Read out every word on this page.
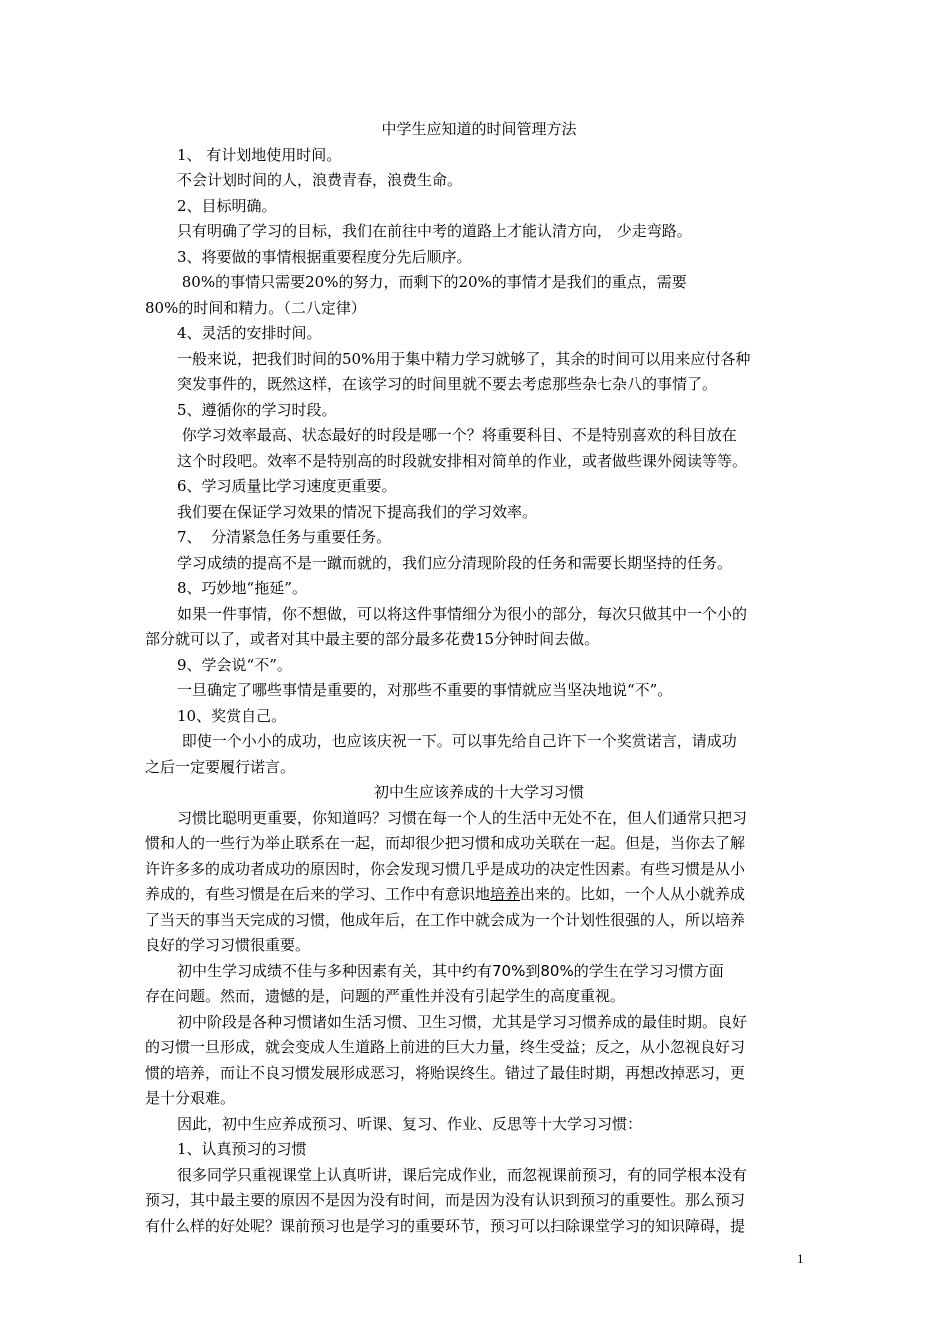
中学生应知道的时间管理方法
1、 有计划地使用时间。
不会计划时间的人，浪费青春，浪费生命。
2、目标明确。
只有明确了学习的目标，我们在前往中考的道路上才能认清方向， 少走弯路。
3、将要做的事情根据重要程度分先后顺序。
80%的事情只需要20%的努力，而剩下的20%的事情才是我们的重点，需要
80%的时间和精力。（二八定律）
4、灵活的安排时间。
一般来说，把我们时间的50%用于集中精力学习就够了，其余的时间可以用来应付各种
突发事件的，既然这样，在该学习的时间里就不要去考虑那些杂七杂八的事情了。
5、遵循你的学习时段。
你学习效率最高、状态最好的时段是哪一个？将重要科目、不是特别喜欢的科目放在
这个时段吧。效率不是特别高的时段就安排相对简单的作业，或者做些课外阅读等等。
6、学习质量比学习速度更重要。
我们要在保证学习效果的情况下提高我们的学习效率。
7、  分清紧急任务与重要任务。
学习成绩的提高不是一蹴而就的，我们应分清现阶段的任务和需要长期坚持的任务。
8、巧妙地“拖延”。
如果一件事情，你不想做，可以将这件事情细分为很小的部分，每次只做其中一个小的
部分就可以了，或者对其中最主要的部分最多花费15分钟时间去做。
9、学会说“不”。
一旦确定了哪些事情是重要的，对那些不重要的事情就应当坚决地说“不”。
10、奖赏自己。
即使一个小小的成功，也应该庆祝一下。可以事先给自己许下一个奖赏诺言，请成功
之后一定要履行诺言。
初中生应该养成的十大学习习惯
习惯比聪明更重要，你知道吗？习惯在每一个人的生活中无处不在，但人们通常只把习
惯和人的一些行为举止联系在一起，而却很少把习惯和成功关联在一起。但是，当你去了解
许许多多的成功者成功的原因时，你会发现习惯几乎是成功的决定性因素。有些习惯是从小
养成的，有些习惯是在后来的学习、工作中有意识地培养出来的。比如，一个人从小就养成
了当天的事当天完成的习惯，他成年后，在工作中就会成为一个计划性很强的人，所以培养
良好的学习习惯很重要。
初中生学习成绩不佳与多种因素有关，其中约有70%到80%的学生在学习习惯方面
存在问题。然而，遗憾的是，问题的严重性并没有引起学生的高度重视。
初中阶段是各种习惯诸如生活习惯、卫生习惯，尤其是学习习惯养成的最佳时期。良好
的习惯一旦形成，就会变成人生道路上前进的巨大力量，终生受益；反之，从小忽视良好习
惯的培养，而让不良习惯发展形成恶习，将贻误终生。错过了最佳时期，再想改掉恶习，更
是十分艰难。
因此，初中生应养成预习、听课、复习、作业、反思等十大学习习惯：
1、认真预习的习惯
很多同学只重视课堂上认真听讲，课后完成作业，而忽视课前预习，有的同学根本没有
预习，其中最主要的原因不是因为没有时间，而是因为没有认识到预习的重要性。那么预习
有什么样的好处呢？课前预习也是学习的重要环节，预习可以扫除课堂学习的知识障碍，提
1
